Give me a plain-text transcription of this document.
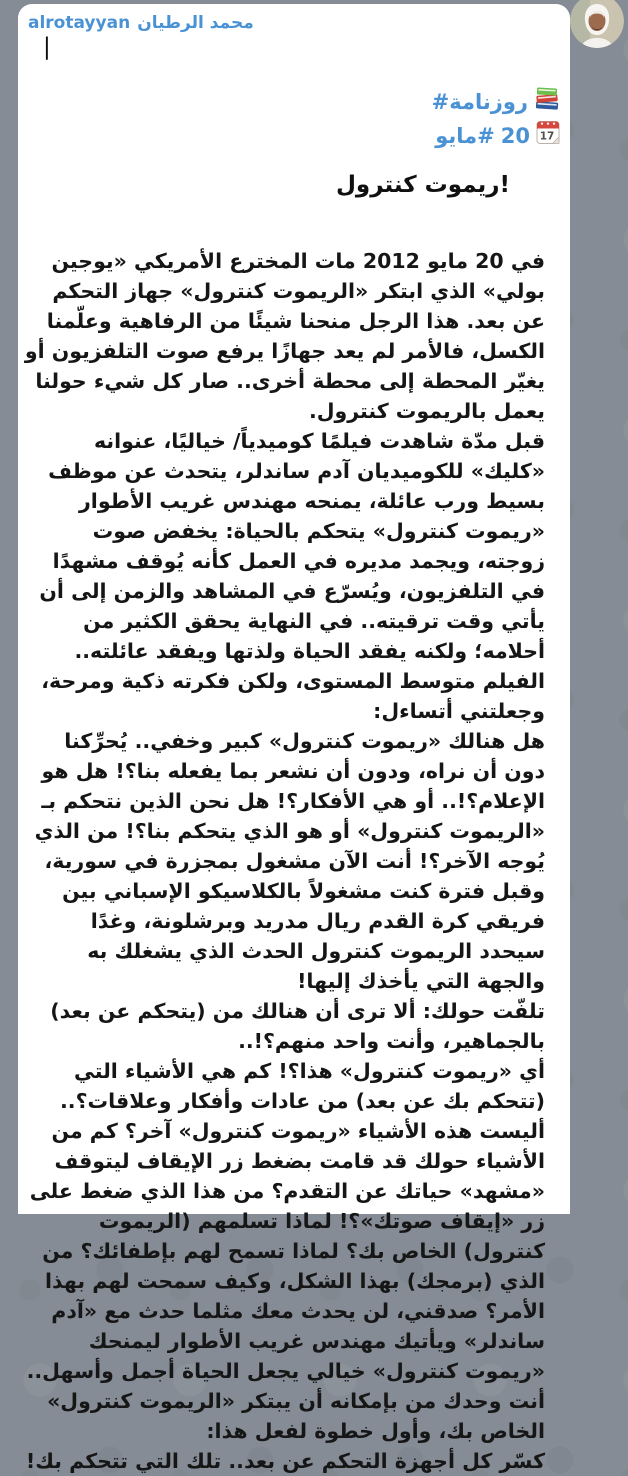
alrotayyan محمد الرطيان
|
#روزنامة
#مايو 20 17
ريموت كنترول!

في 20 مايو 2012 مات المخترع الأمريكي «يوجين بولي» الذي ابتكر «الريموت كنترول» جهاز التحكم عن بعد. هذا الرجل منحنا شيئًا من الرفاهية وعلّمنا الكسل، فالأمر لم يعد جهازًا يرفع صوت التلفزيون أو يغيّر المحطة إلى محطة أخرى.. صار كل شيء حولنا يعمل بالريموت كنترول.

قبل مدّة شاهدت فيلمًا كوميدياً/ خياليًا، عنوانه «كليك» للكوميديان آدم ساندلر، يتحدث عن موظف بسيط ورب عائلة، يمنحه مهندس غريب الأطوار «ريموت كنترول» يتحكم بالحياة: يخفض صوت زوجته، ويجمد مديره في العمل كأنه يُوقف مشهدًا في التلفزيون، ويُسرّع في المشاهد والزمن إلى أن يأتي وقت ترقيته.. في النهاية يحقق الكثير من أحلامه؛ ولكنه يفقد الحياة ولذتها ويفقد عائلته.. الفيلم متوسط المستوى، ولكن فكرته ذكية ومرحة، وجعلتني أتساءل:

هل هنالك «ريموت كنترول» كبير وخفي.. يُحرِّكنا دون أن نراه، ودون أن نشعر بما يفعله بنا؟! هل هو الإعلام؟!.. أو هي الأفكار؟! هل نحن الذين نتحكم بـ «الريموت كنترول» أو هو الذي يتحكم بنا؟! من الذي يُوجه الآخر؟! أنت الآن مشغول بمجزرة في سورية، وقبل فترة كنت مشغولاً بالكلاسيكو الإسباني بين فريقي كرة القدم ريال مدريد وبرشلونة، وغدًا سيحدد الريموت كنترول الحدث الذي يشغلك به والجهة التي يأخذك إليها!

تلفّت حولك: ألا ترى أن هنالك من (يتحكم عن بعد) بالجماهير، وأنت واحد منهم؟!..

أي «ريموت كنترول» هذا؟! كم هي الأشياء التي (تتحكم بك عن بعد) من عادات وأفكار وعلاقات؟..

أليست هذه الأشياء «ريموت كنترول» آخر؟ كم من الأشياء حولك قد قامت بضغط زر الإيقاف ليتوقف «مشهد» حياتك عن التقدم؟ من هذا الذي ضغط على زر «إيقاف صوتك»؟! لماذا تسلمهم (الريموت كنترول) الخاص بك؟ لماذا تسمح لهم بإطفائك؟ من الذي (برمجك) بهذا الشكل، وكيف سمحت لهم بهذا الأمر؟ صدقني، لن يحدث معك مثلما حدث مع «آدم ساندلر» ويأتيك مهندس غريب الأطوار ليمنحك «ريموت كنترول» خيالي يجعل الحياة أجمل وأسهل.. أنت وحدك من بإمكانه أن يبتكر «الريموت كنترول» الخاص بك، وأول خطوة لفعل هذا:

كسّر كل أجهزة التحكم عن بعد.. تلك التي تتحكم بك!
